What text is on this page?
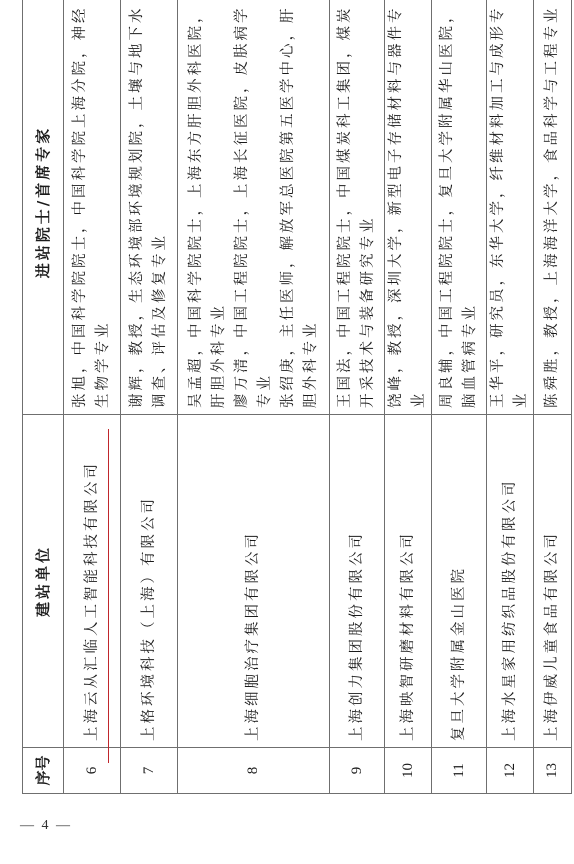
— 4 —
序号	建站单位	进站院士/首席专家
6	上海云从汇临人工智能科技有限公司	张旭，中国科学院院士，中国科学院上海分院，神经生物学专业
7	上格环境科技（上海）有限公司	谢辉，教授，生态环境部环境规划院，土壤与地下水调查、评估及修复专业
8	上海细胞治疗集团有限公司	吴孟超，中国科学院院士，上海东方肝胆外科医院，肝胆外科专业
廖万清，中国工程院院士，上海长征医院，皮肤病学专业
张绍庚，主任医师，解放军总医院第五医学中心，肝胆外科专业
9	上海创力集团股份有限公司	王国法，中国工程院院士，中国煤炭科工集团，煤炭开采技术与装备研究专业
10	上海映智研磨材料有限公司	饶峰，教授，深圳大学，新型电子存储材料与器件专业
11	复旦大学附属金山医院	周良辅，中国工程院院士，复旦大学附属华山医院，脑血管病专业
12	上海水星家用纺织品股份有限公司	王华平，研究员，东华大学，纤维材料加工与成形专业
13	上海伊威儿童食品有限公司	陈舜胜，教授，上海海洋大学，食品科学与工程专业
